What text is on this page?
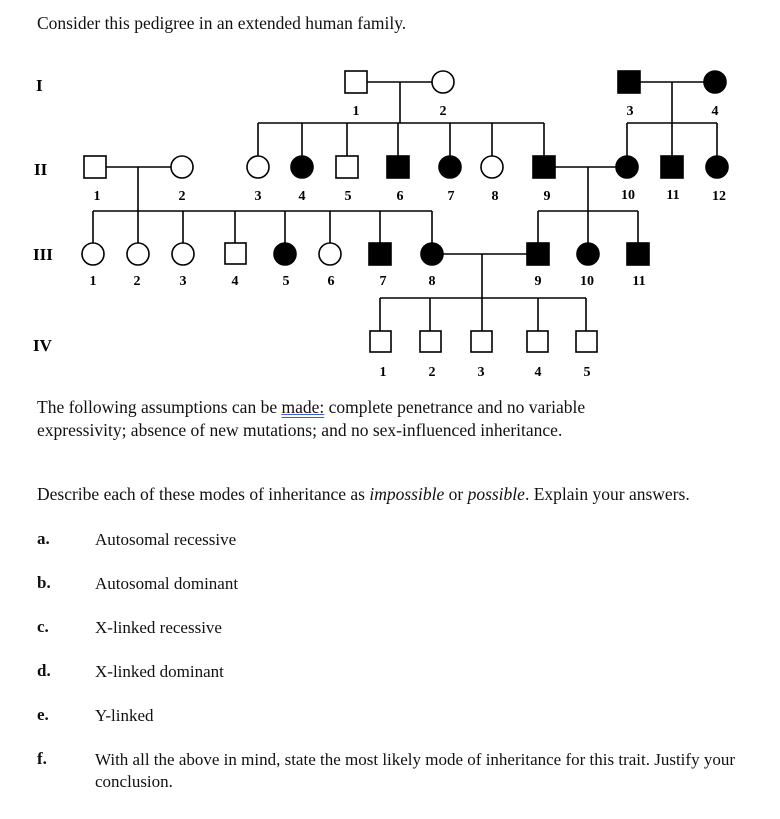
Consider this pedigree in an extended human family.
I
II
III
IV
1	2	3	4
1	2	3	4	5	6	7	8	9	10 11 12
1	2	3	4	5	6	7	8	9	10	11
1	2	3	4	5
The following assumptions can be made: complete penetrance and no variable expressivity; absence of new mutations; and no sex-influenced inheritance.
Describe each of these modes of inheritance as impossible or possible. Explain your answers.
a.	Autosomal recessive
b.	Autosomal dominant
c.	X-linked recessive
d.	X-linked dominant
e.	Y-linked
f.	With all the above in mind, state the most likely mode of inheritance for this trait. Justify your conclusion.
